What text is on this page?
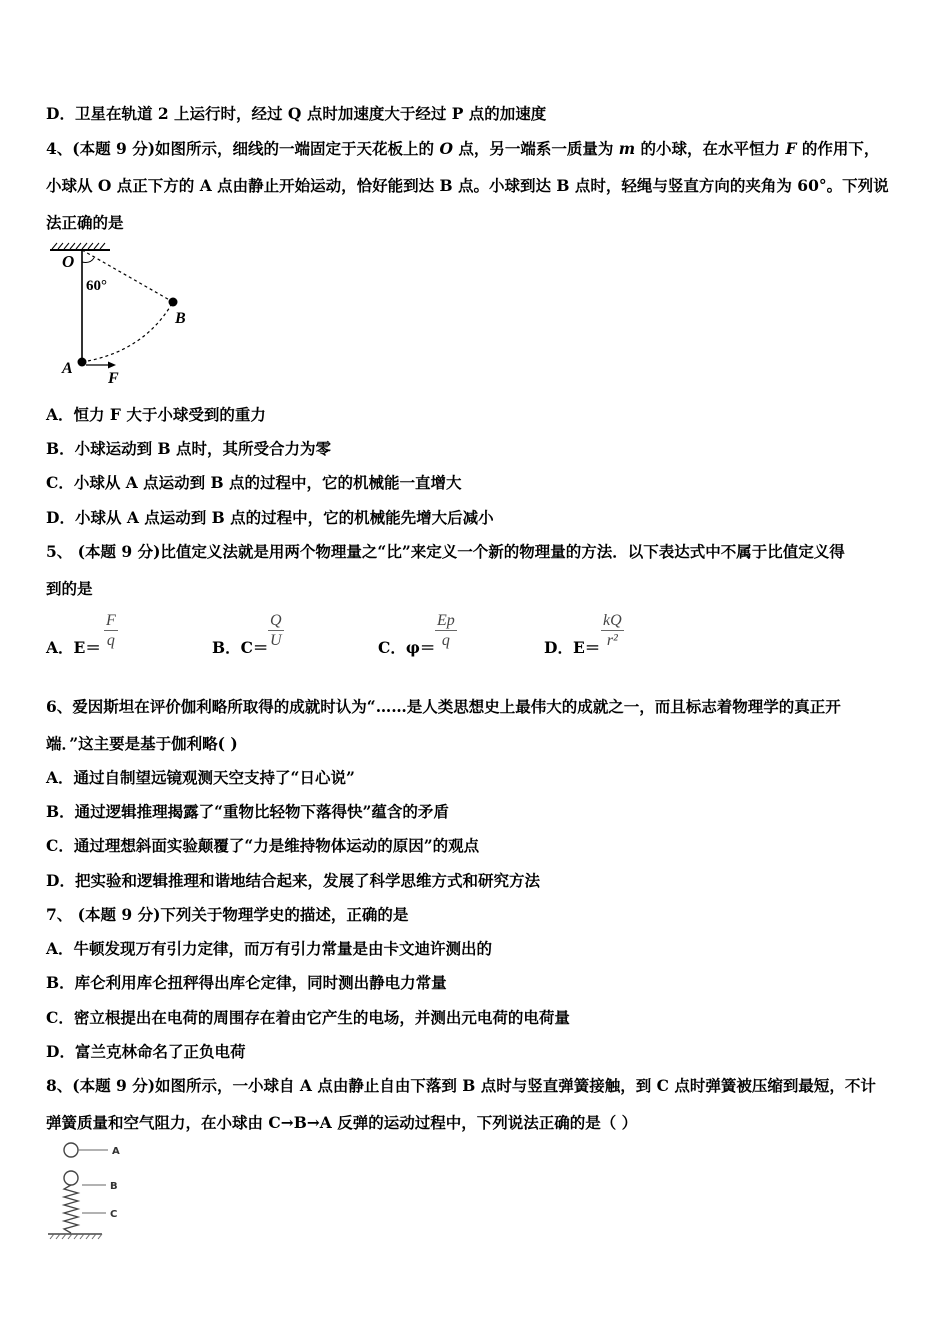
D．卫星在轨道 2 上运行时，经过 Q 点时加速度大于经过 P 点的加速度
4、(本题 9 分)如图所示，细线的一端固定于天花板上的 O 点，另一端系一质量为 m 的小球，在水平恒力 F 的作用下，
小球从 O 点正下方的 A 点由静止开始运动，恰好能到达 B 点。小球到达 B 点时，轻绳与竖直方向的夹角为 60°。下列说
法正确的是
O
60°
B
A
F
A．恒力 F 大于小球受到的重力
B．小球运动到 B 点时，其所受合力为零
C．小球从 A 点运动到 B 点的过程中，它的机械能一直增大
D．小球从 A 点运动到 B 点的过程中，它的机械能先增大后减小
5、 (本题 9 分)比值定义法就是用两个物理量之“比”来定义一个新的物理量的方法．以下表达式中不属于比值定义得
到的是
A．$E= \frac{F}{q}$	B．$C= \frac{Q}{U}$	C．$\varphi= \frac{Ep}{q}$	D．$E= \frac{kQ}{\text{r²}}$
6、爱因斯坦在评价伽利略所取得的成就时认为“……是人类思想史上最伟大的成就之一，而且标志着物理学的真正开
端．”这主要是基于伽利略( )
A．通过自制望远镜观测天空支持了“日心说”
B．通过逻辑推理揭露了“重物比轻物下落得快”蕴含的矛盾
C．通过理想斜面实验颠覆了“力是维持物体运动的原因”的观点
D．把实验和逻辑推理和谐地结合起来，发展了科学思维方式和研究方法
7、 (本题 9 分)下列关于物理学史的描述，正确的是
A．牛顿发现万有引力定律，而万有引力常量是由卡文迪许测出的
B．库仑利用库仑扭秤得出库仑定律，同时测出静电力常量
C．密立根提出在电荷的周围存在着由它产生的电场，并测出元电荷的电荷量
D．富兰克林命名了正负电荷
8、(本题 9 分)如图所示，一小球自 A 点由静止自由下落到 B 点时与竖直弹簧接触，到 C 点时弹簧被压缩到最短，不计
弹簧质量和空气阻力，在小球由 C→B→A 反弹的运动过程中，下列说法正确的是（ ）
A
B
C
